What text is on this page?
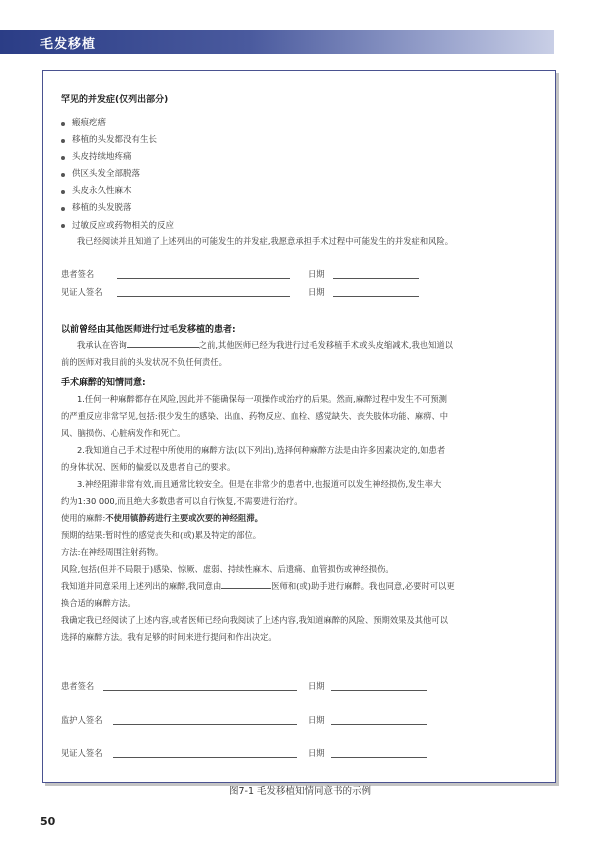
毛发移植
罕见的并发症(仅列出部分)
瘢痕疙瘩
移植的头发都没有生长
头皮持续地疼痛
供区头发全部脱落
头皮永久性麻木
移植的头发脱落
过敏反应或药物相关的反应
我已经阅读并且知道了上述列出的可能发生的并发症,我愿意承担手术过程中可能发生的并发症和风险。
患者签名	日期
见证人签名	日期
以前曾经由其他医师进行过毛发移植的患者:
我承认在咨询	之前,其他医师已经为我进行过毛发移植手术或头皮缩减术,我也知道以
前的医师对我目前的头发状况不负任何责任。
手术麻醉的知情同意:
1.任何一种麻醉都存在风险,因此并不能确保每一项操作或治疗的后果。然而,麻醉过程中发生不可预测
的严重反应非常罕见,包括:很少发生的感染、出血、药物反应、血栓、感觉缺失、丧失肢体功能、麻痹、中
风、脑损伤、心脏病发作和死亡。
2.我知道自己手术过程中所使用的麻醉方法(以下列出),选择何种麻醉方法是由许多因素决定的,如患者
的身体状况、医师的偏爱以及患者自己的要求。
3.神经阻滞非常有效,而且通常比较安全。但是在非常少的患者中,也报道可以发生神经损伤,发生率大
约为1:30 000,而且绝大多数患者可以自行恢复,不需要进行治疗。
使用的麻醉:不使用镇静药进行主要或次要的神经阻滞。
预期的结果:暂时性的感觉丧失和(或)累及特定的部位。
方法:在神经周围注射药物。
风险,包括(但并不局限于)感染、惊厥、虚弱、持续性麻木、后遗痛、血管损伤或神经损伤。
我知道并同意采用上述列出的麻醉,我同意由	医师和(或)助手进行麻醉。我也同意,必要时可以更
换合适的麻醉方法。
我确定我已经阅读了上述内容,或者医师已经向我阅读了上述内容,我知道麻醉的风险、预期效果及其他可以
选择的麻醉方法。我有足够的时间来进行提问和作出决定。
患者签名	日期
监护人签名	日期
见证人签名	日期
图7-1 毛发移植知情同意书的示例
50
